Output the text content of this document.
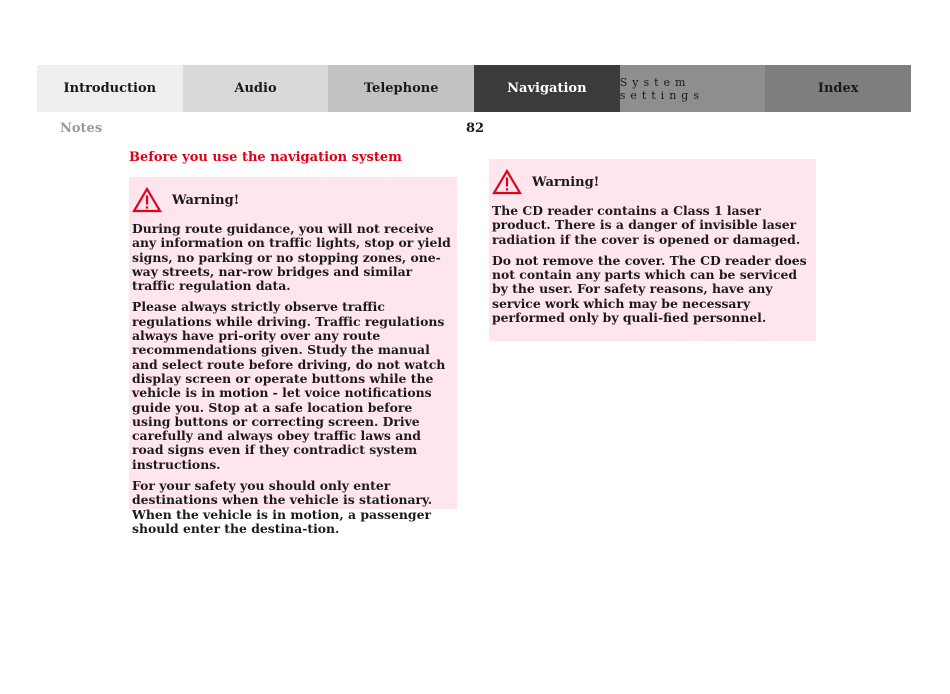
Introduction	Audio	Telephone	Navigation	System settings	Index
Notes	82
Before you use the navigation system
Warning!

During route guidance, you will not receive any information on traffic lights, stop or yield signs, no parking or no stopping zones, one-way streets, nar-row bridges and similar traffic regulation data.

Please always strictly observe traffic regulations while driving. Traffic regulations always have pri-ority over any route recommendations given. Study the manual and select route before driving, do not watch display screen or operate buttons while the vehicle is in motion - let voice notifications guide you. Stop at a safe location before using buttons or correcting screen. Drive carefully and always obey traffic laws and road signs even if they contradict system instructions.

For your safety you should only enter destinations when the vehicle is stationary. When the vehicle is in motion, a passenger should enter the destina-tion.

Warning!

The CD reader contains a Class 1 laser product. There is a danger of invisible laser radiation if the cover is opened or damaged.

Do not remove the cover. The CD reader does not contain any parts which can be serviced by the user. For safety reasons, have any service work which may be necessary performed only by quali-fied personnel.
